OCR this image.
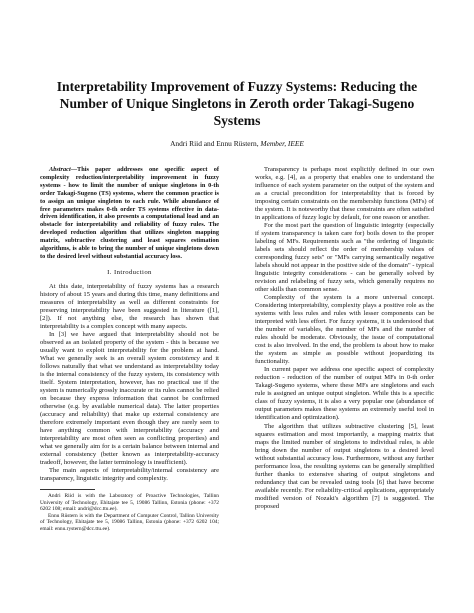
Interpretability Improvement of Fuzzy Systems: Reducing the Number of Unique Singletons in Zeroth order Takagi-Sugeno Systems
Andri Riid and Ennu Rüstern, Member, IEEE

Abstract—This paper addresses one specific aspect of complexity reduction/interpretability improvement in fuzzy systems - how to limit the number of unique singletons in 0-th order Takagi-Sugeno (TS) systems, where the common practice is to assign an unique singleton to each rule. While abundance of free parameters makes 0-th order TS systems effective in data-driven identification, it also presents a computational load and an obstacle for interpretability and reliability of fuzzy rules. The developed reduction algorithm that utilizes singleton mapping matrix, subtractive clustering and least squares estimation algorithms, is able to bring the number of unique singletons down to the desired level without substantial accuracy loss.

I. Introduction

At this date, interpretability of fuzzy systems has a research history of about 15 years and during this time, many definitions and measures of interpretability as well as different constraints for preserving interpretability have been suggested in literature ([1], [2]). If not anything else, the research has shown that interpretability is a complex concept with many aspects.

In [3] we have argued that interpretability should not be observed as an isolated property of the system - this is because we usually want to exploit interpretability for the problem at hand. What we generally seek is an overall system consistency and it follows naturally that what we understand as interpretability today is the internal consistency of the fuzzy system, its consistency with itself. System interpretation, however, has no practical use if the system is numerically grossly inaccurate or its rules cannot be relied on because they express information that cannot be confirmed otherwise (e.g. by available numerical data). The latter properties (accuracy and reliability) that make up external consistency are therefore extremely important even though they are rarely seen to have anything common with interpretability (accuracy and interpretability are most often seen as conflicting properties) and what we generally aim for is a certain balance between internal and external consistency (better known as interpretability-accuracy tradeoff, however, the latter terminology is insufficient).

The main aspects of interpretability/internal consistency are transparency, linguistic integrity and complexity.

Andri Riid is with the Laboratory of Proactive Technologies, Tallinn University of Technology, Ehitajate tee 5, 19086 Tallinn, Estonia (phone: +372 6202 108; email: andri@dcc.ttu.ee).

Ennu Rüstern is with the Department of Computer Control, Tallinn University of Technology, Ehitajate tee 5, 19086 Tallinn, Estonia (phone: +372 6202 104; email: ennu.rystern@dcc.ttu.ee).

Transparency is perhaps most explicitly defined in our own works, e.g. [4], as a property that enables one to understand the influence of each system parameter on the output of the system and as a crucial precondition for interpretability that is forced by imposing certain constraints on the membership functions (MFs) of the system. It is noteworthy that these constraints are often satisfied in applications of fuzzy logic by default, for one reason or another.

For the most part the question of linguistic integrity (especially if system transparency is taken care for) boils down to the proper labeling of MFs. Requirements such as "the ordering of linguistic labels sets should reflect the order of membership values of corresponding fuzzy sets" or "MFs carrying semantically negative labels should not appear in the positive side of the domain" - typical linguistic integrity considerations - can be generally solved by revision and relabeling of fuzzy sets, which generally requires no other skills than common sense.

Complexity of the system is a more universal concept. Considering interpretability, complexity plays a positive role as the systems with less rules and rules with lesser components can be interpreted with less effort. For fuzzy systems, it is understood that the number of variables, the number of MFs and the number of rules should be moderate. Obviously, the issue of computational cost is also involved. In the end, the problem is about how to make the system as simple as possible without jeopardizing its functionality.

In current paper we address one specific aspect of complexity reduction - reduction of the number of output MFs in 0-th order Takagi-Sugeno systems, where these MFs are singletons and each rule is assigned an unique output singleton. While this is a specific class of fuzzy systems, it is also a very popular one (abundance of output parameters makes these systems an extremely useful tool in identification and optimization).

The algorithm that utilizes subtractive clustering [5], least squares estimation and most importantly, a mapping matrix that maps the limited number of singletons to individual rules, is able bring down the number of output singletons to a desired level without substantial accuracy loss. Furthermore, without any further performance loss, the resulting systems can be generally simplified further thanks to extensive sharing of output singletons and redundancy that can be revealed using tools [6] that have become available recently. For reliability-critical applications, appropriately modified version of Nozaki's algorithm [7] is suggested. The proposed
